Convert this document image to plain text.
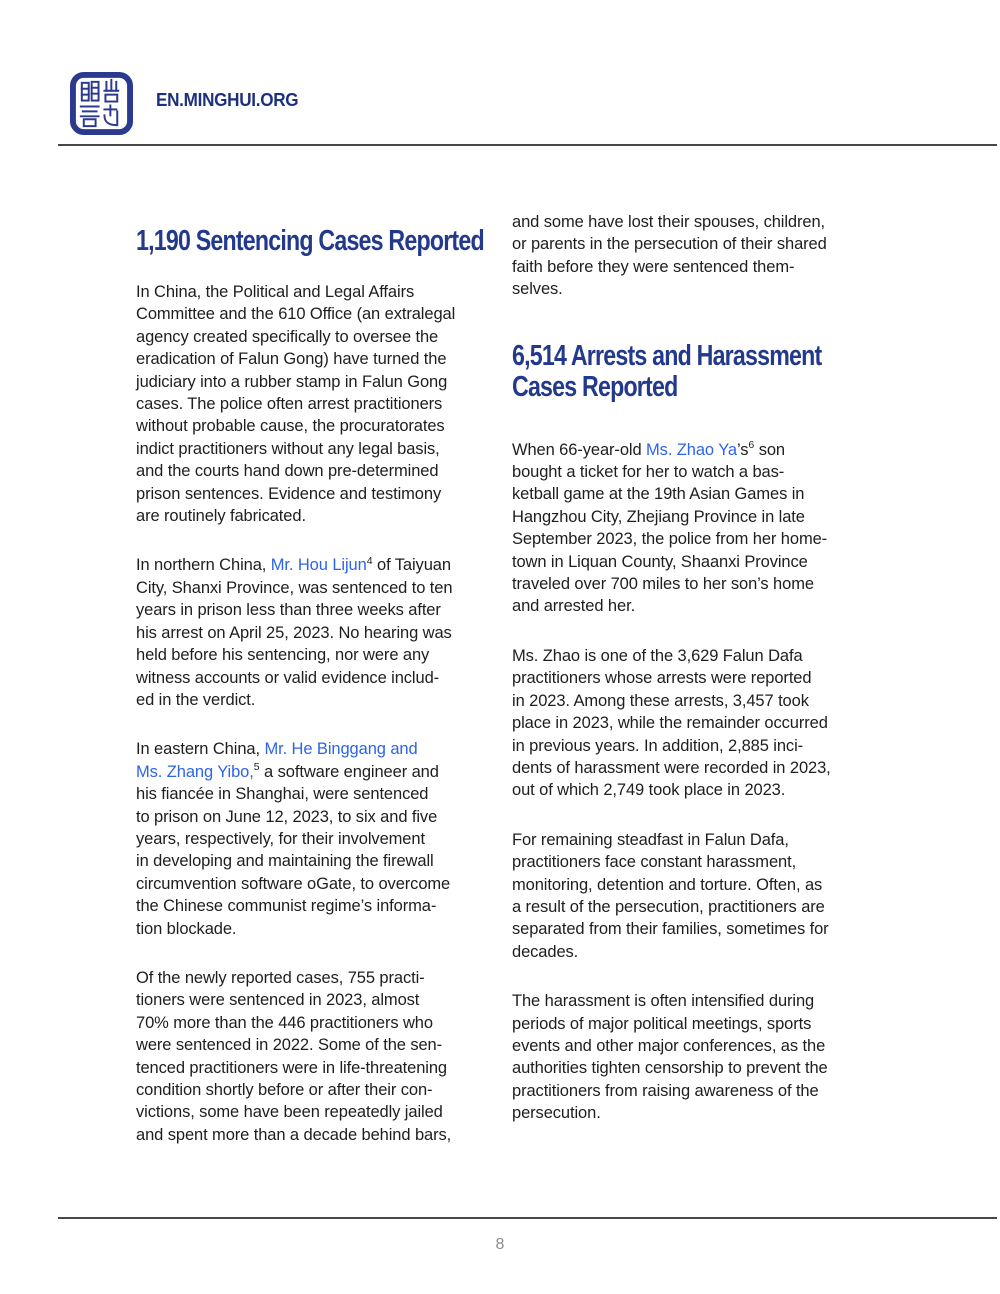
EN.MINGHUI.ORG
1,190 Sentencing Cases Reported

In China, the Political and Legal Affairs
Committee and the 610 Office (an extralegal
agency created specifically to oversee the
eradication of Falun Gong) have turned the
judiciary into a rubber stamp in Falun Gong
cases. The police often arrest practitioners
without probable cause, the procuratorates
indict practitioners without any legal basis,
and the courts hand down pre-determined
prison sentences. Evidence and testimony
are routinely fabricated.

In northern China, Mr. Hou Lijun$^4$ of Taiyuan
City, Shanxi Province, was sentenced to ten
years in prison less than three weeks after
his arrest on April 25, 2023. No hearing was
held before his sentencing, nor were any
witness accounts or valid evidence includ-
ed in the verdict.

In eastern China, Mr. He Binggang and
Ms. Zhang Yibo,$^5$ a software engineer and
his fiancée in Shanghai, were sentenced
to prison on June 12, 2023, to six and five
years, respectively, for their involvement
in developing and maintaining the firewall
circumvention software oGate, to overcome
the Chinese communist regime’s informa-
tion blockade.

Of the newly reported cases, 755 practi-
tioners were sentenced in 2023, almost
70% more than the 446 practitioners who
were sentenced in 2022. Some of the sen-
tenced practitioners were in life-threatening
condition shortly before or after their con-
victions, some have been repeatedly jailed
and spent more than a decade behind bars,

and some have lost their spouses, children,
or parents in the persecution of their shared
faith before they were sentenced them-
selves.

6,514 Arrests and Harassment
Cases Reported

When 66-year-old Ms. Zhao $Ya’s^6$ son
bought a ticket for her to watch a bas-
ketball game at the 19th Asian Games in
Hangzhou City, Zhejiang Province in late
September 2023, the police from her home-
town in Liquan County, Shaanxi Province
traveled over 700 miles to her son’s home
and arrested her.

Ms. Zhao is one of the 3,629 Falun Dafa
practitioners whose arrests were reported
in 2023. Among these arrests, 3,457 took
place in 2023, while the remainder occurred
in previous years. In addition, 2,885 inci-
dents of harassment were recorded in 2023,
out of which 2,749 took place in 2023.

For remaining steadfast in Falun Dafa,
practitioners face constant harassment,
monitoring, detention and torture. Often, as
a result of the persecution, practitioners are
separated from their families, sometimes for
decades.

The harassment is often intensified during
periods of major political meetings, sports
events and other major conferences, as the
authorities tighten censorship to prevent the
practitioners from raising awareness of the
persecution.

8
